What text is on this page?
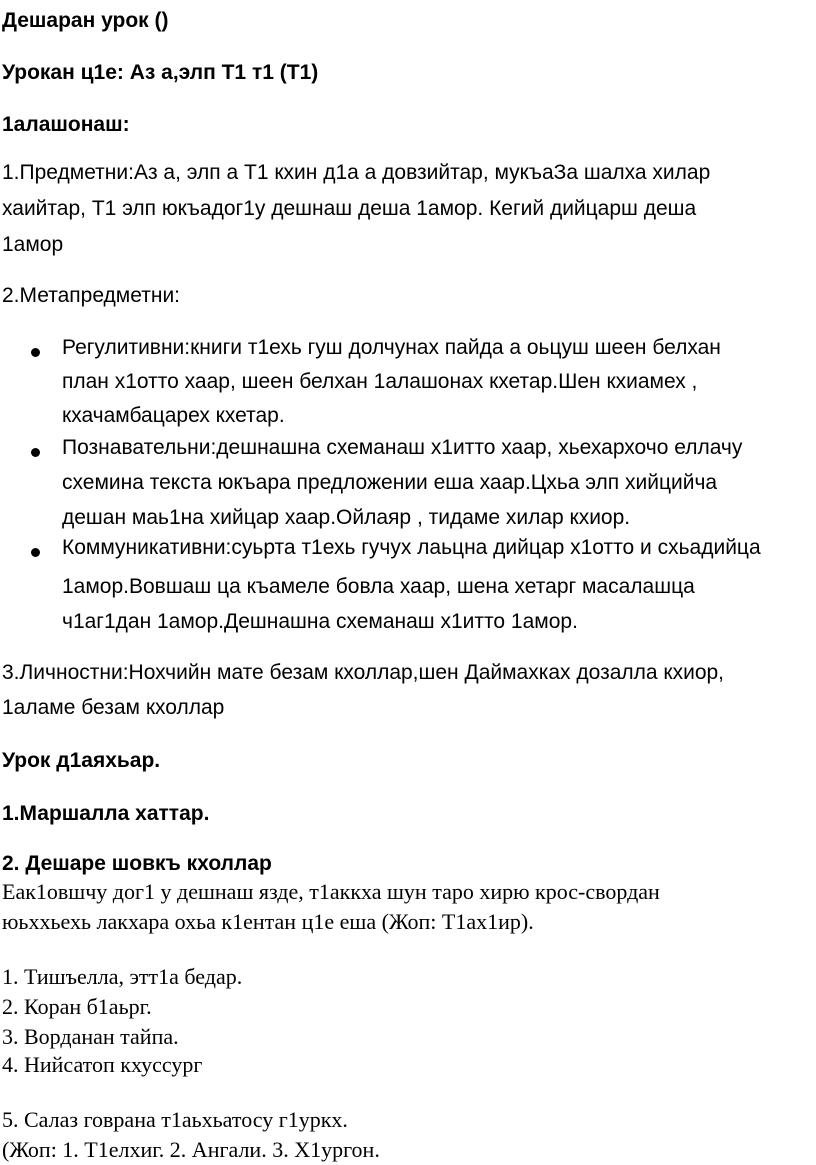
Дешаран урок ()
Урокан ц1е: Аз а,элп Т1 т1 (Т1)
1алашонаш:
1.Предметни:Аз а, элп а Т1 кхин д1а а довзийтар, мукъаЗа шалха хилар
хаийтар, Т1 элп юкъадог1у дешнаш деша 1амор. Кегий дийцарш деша
1амор
2.Метапредметни:
Регулитивни:книги т1ехь гуш долчунах пайда а оьцуш шеен белхан
план х1отто хаар, шеен белхан 1алашонах кхетар.Шен кхиамех ,
кхачамбацарех кхетар.
Познавательни:дешнашна схеманаш х1итто хаар, хьехархочо еллачу
схемина текста юкъара предложении еша хаар.Цхьа элп хийцийча
дешан маь1на хийцар хаар.Ойлаяр , тидаме хилар кхиор.
Коммуникативни:суьрта т1ехь гучух лаьцна дийцар х1отто и схьадийца
1амор.Вовшаш ца къамеле бовла хаар, шена хетарг масалашца
ч1аг1дан 1амор.Дешнашна схеманаш х1итто 1амор.
3.Личностни:Нохчийн мате безам кхоллар,шен Даймахках дозалла кхиор,
1аламе безам кхоллар
Урок д1аяхьар.
1.Маршалла хаттар.
2. Дешаре шовкъ кхоллар
Еак1овшчу дог1 у дешнаш язде, т1аккха шун таро хирю крос-свордан
юьххьехь лакхара охьа к1ентан ц1е еша (Жоп: Т1ах1ир).
1. Тишъелла, этт1а бедар.
2. Коран б1аьрг.
3. Ворданан тайпа.
4. Нийсатоп кхуссург
5. Салаз говрана т1аьхьатосу г1уркх.
(Жоп: 1. Т1елхиг. 2. Ангали. 3. Х1ургон.
